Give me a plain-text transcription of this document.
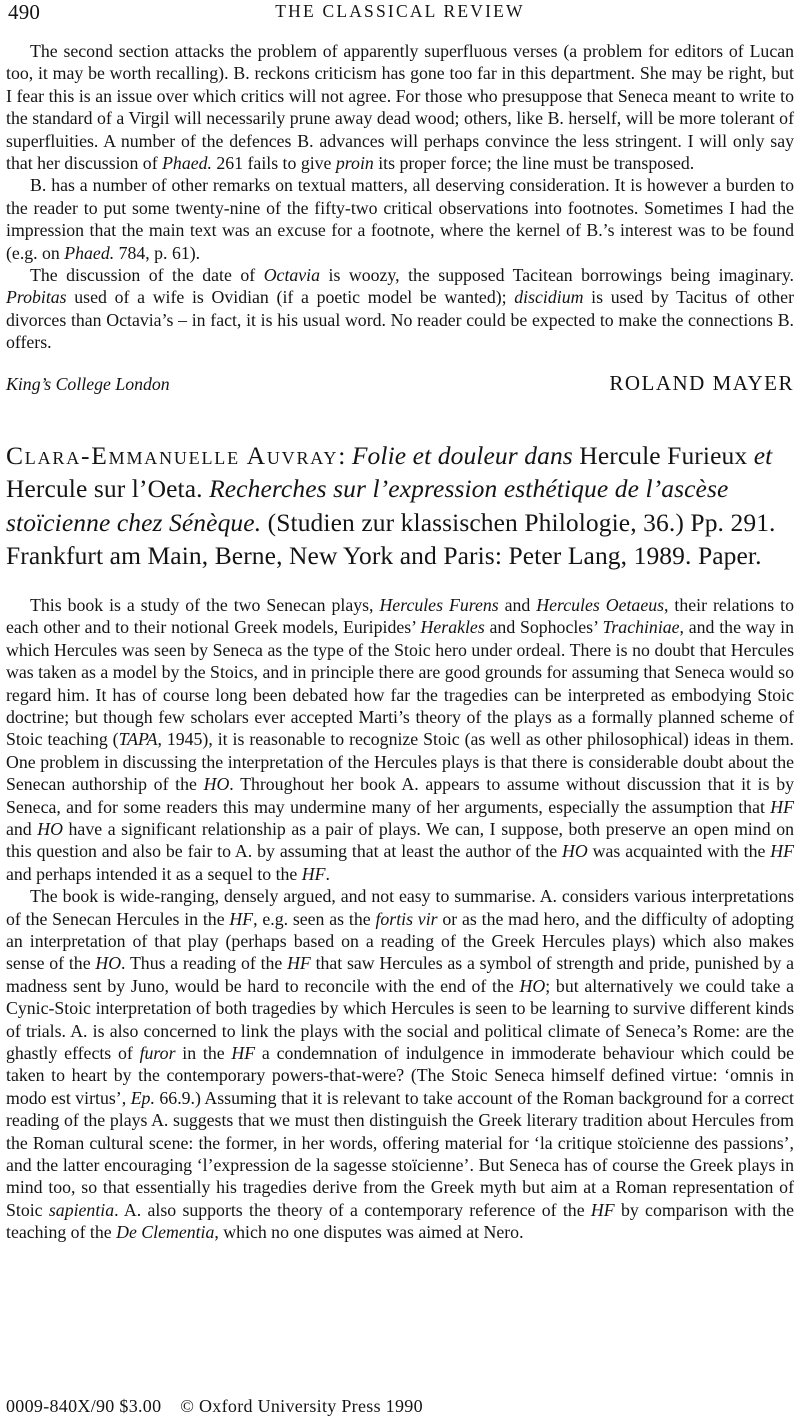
490	THE CLASSICAL REVIEW

The second section attacks the problem of apparently superfluous verses (a problem for editors of Lucan too, it may be worth recalling). B. reckons criticism has gone too far in this department. She may be right, but I fear this is an issue over which critics will not agree. For those who presuppose that Seneca meant to write to the standard of a Virgil will necessarily prune away dead wood; others, like B. herself, will be more tolerant of superfluities. A number of the defences B. advances will perhaps convince the less stringent. I will only say that her discussion of Phaed. 261 fails to give proin its proper force; the line must be transposed.

B. has a number of other remarks on textual matters, all deserving consideration. It is however a burden to the reader to put some twenty-nine of the fifty-two critical observations into footnotes. Sometimes I had the impression that the main text was an excuse for a footnote, where the kernel of B.’s interest was to be found (e.g. on Phaed. 784, p. 61).

The discussion of the date of Octavia is woozy, the supposed Tacitean borrowings being imaginary. Probitas used of a wife is Ovidian (if a poetic model be wanted); discidium is used by Tacitus of other divorces than Octavia’s – in fact, it is his usual word. No reader could be expected to make the connections B. offers.

King’s College London	ROLAND MAYER
Clara-Emmanuelle Auvray: Folie et douleur dans Hercule Furieux et Hercule sur l’Oeta. Recherches sur l’expression esthétique de l’ascèse stoïcienne chez Sénèque. (Studien zur klassischen Philologie, 36.) Pp. 291. Frankfurt am Main, Berne, New York and Paris: Peter Lang, 1989. Paper.

This book is a study of the two Senecan plays, Hercules Furens and Hercules Oetaeus, their relations to each other and to their notional Greek models, Euripides’ Herakles and Sophocles’ Trachiniae, and the way in which Hercules was seen by Seneca as the type of the Stoic hero under ordeal. There is no doubt that Hercules was taken as a model by the Stoics, and in principle there are good grounds for assuming that Seneca would so regard him. It has of course long been debated how far the tragedies can be interpreted as embodying Stoic doctrine; but though few scholars ever accepted Marti’s theory of the plays as a formally planned scheme of Stoic teaching (TAPA, 1945), it is reasonable to recognize Stoic (as well as other philosophical) ideas in them. One problem in discussing the interpretation of the Hercules plays is that there is considerable doubt about the Senecan authorship of the HO. Throughout her book A. appears to assume without discussion that it is by Seneca, and for some readers this may undermine many of her arguments, especially the assumption that HF and HO have a significant relationship as a pair of plays. We can, I suppose, both preserve an open mind on this question and also be fair to A. by assuming that at least the author of the HO was acquainted with the HF and perhaps intended it as a sequel to the HF.

The book is wide-ranging, densely argued, and not easy to summarise. A. considers various interpretations of the Senecan Hercules in the HF, e.g. seen as the fortis vir or as the mad hero, and the difficulty of adopting an interpretation of that play (perhaps based on a reading of the Greek Hercules plays) which also makes sense of the HO. Thus a reading of the HF that saw Hercules as a symbol of strength and pride, punished by a madness sent by Juno, would be hard to reconcile with the end of the HO; but alternatively we could take a Cynic-Stoic interpretation of both tragedies by which Hercules is seen to be learning to survive different kinds of trials. A. is also concerned to link the plays with the social and political climate of Seneca’s Rome: are the ghastly effects of furor in the HF a condemnation of indulgence in immoderate behaviour which could be taken to heart by the contemporary powers-that-were? (The Stoic Seneca himself defined virtue: ‘omnis in modo est virtus’, Ep. 66.9.) Assuming that it is relevant to take account of the Roman background for a correct reading of the plays A. suggests that we must then distinguish the Greek literary tradition about Hercules from the Roman cultural scene: the former, in her words, offering material for ‘la critique stoïcienne des passions’, and the latter encouraging ‘l’expression de la sagesse stoïcienne’. But Seneca has of course the Greek plays in mind too, so that essentially his tragedies derive from the Greek myth but aim at a Roman representation of Stoic sapientia. A. also supports the theory of a contemporary reference of the HF by comparison with the teaching of the De Clementia, which no one disputes was aimed at Nero.

0009-840X/90 $3.00 © Oxford University Press 1990
